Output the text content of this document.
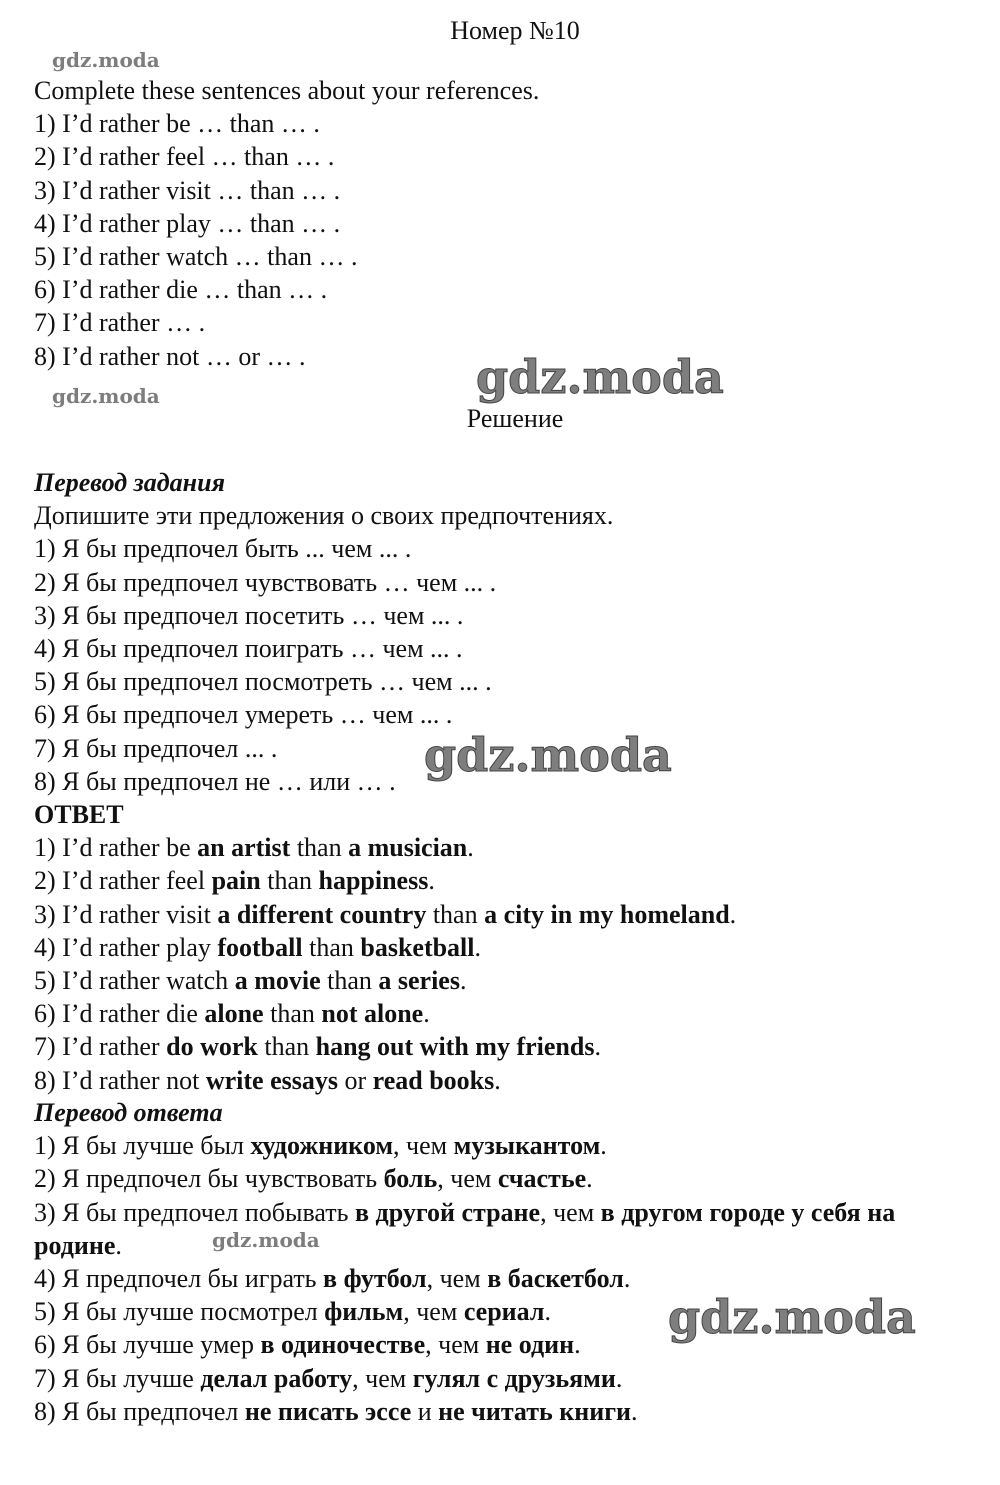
Номер №10
gdz.moda
gdz.moda
gdz.moda
gdz.moda
gdz.moda
gdz.moda
Complete these sentences about your references.
1) I’d rather be … than … .
2) I’d rather feel … than … .
3) I’d rather visit … than … .
4) I’d rather play … than … .
5) I’d rather watch … than … .
6) I’d rather die … than … .
7) I’d rather … .
8) I’d rather not … or … .
Решение
Перевод задания
Допишите эти предложения о своих предпочтениях.
1) Я бы предпочел быть ... чем ... .
2) Я бы предпочел чувствовать … чем ... .
3) Я бы предпочел посетить … чем ... .
4) Я бы предпочел поиграть … чем ... .
5) Я бы предпочел посмотреть … чем ... .
6) Я бы предпочел умереть … чем ... .
7) Я бы предпочел ... .
8) Я бы предпочел не … или … .
ОТВЕТ
1) I’d rather be an artist than a musician.
2) I’d rather feel pain than happiness.
3) I’d rather visit a different country than a city in my homeland.
4) I’d rather play football than basketball.
5) I’d rather watch a movie than a series.
6) I’d rather die alone than not alone.
7) I’d rather do work than hang out with my friends.
8) I’d rather not write essays or read books.
Перевод ответа
1) Я бы лучше был художником, чем музыкантом.
2) Я предпочел бы чувствовать боль, чем счастье.
3) Я бы предпочел побывать в другой стране, чем в другом городе у себя на родине.
4) Я предпочел бы играть в футбол, чем в баскетбол.
5) Я бы лучше посмотрел фильм, чем сериал.
6) Я бы лучше умер в одиночестве, чем не один.
7) Я бы лучше делал работу, чем гулял с друзьями.
8) Я бы предпочел не писать эссе и не читать книги.
